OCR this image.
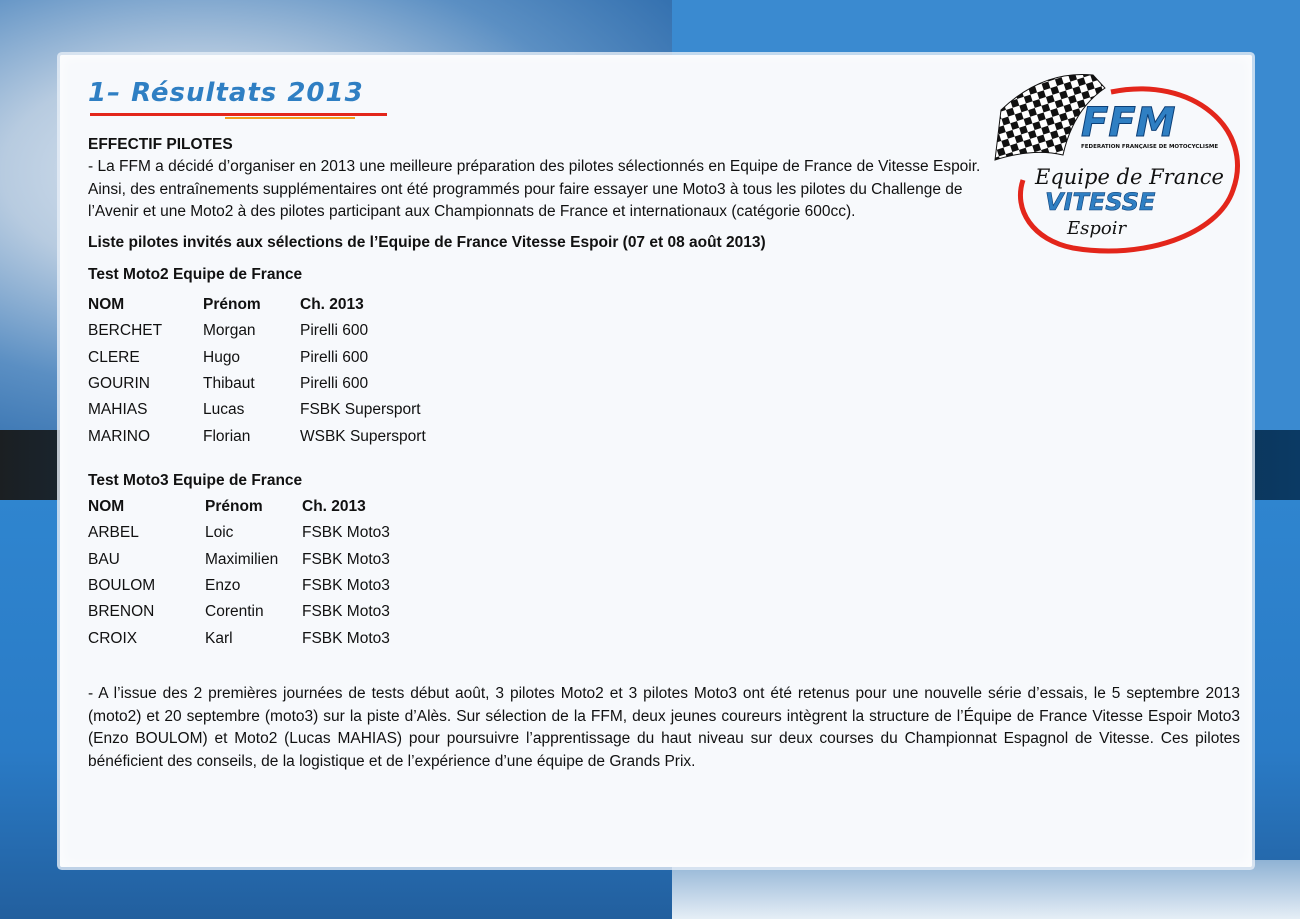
1– Résultats 2013
EFFECTIF PILOTES
- La FFM a décidé d’organiser en 2013 une meilleure préparation des pilotes sélectionnés en Equipe de France de Vitesse Espoir. Ainsi, des entraînements supplémentaires ont été programmés pour faire essayer une Moto3 à tous les pilotes du Challenge de l’Avenir et une Moto2 à des pilotes participant aux Championnats de France et internationaux (catégorie 600cc).
Liste pilotes invités aux sélections de l’Equipe de France Vitesse Espoir (07 et 08 août 2013)
Test Moto2 Equipe de France
NOM	Prénom	Ch. 2013
BERCHET	Morgan	Pirelli 600
CLERE	Hugo	Pirelli 600
GOURIN	Thibaut	Pirelli 600
MAHIAS	Lucas	FSBK Supersport
MARINO	Florian	WSBK Supersport
Test Moto3 Equipe de France
NOM	Prénom	Ch. 2013
ARBEL	Loic	FSBK Moto3
BAU	Maximilien	FSBK Moto3
BOULOM	Enzo	FSBK Moto3
BRENON	Corentin	FSBK Moto3
CROIX	Karl	FSBK Moto3
- A l’issue des 2 premières journées de tests début août, 3 pilotes Moto2 et 3 pilotes Moto3 ont été retenus pour une nouvelle série d’essais, le 5 septembre 2013 (moto2) et 20 septembre (moto3) sur la piste d’Alès. Sur sélection de la FFM, deux jeunes coureurs intègrent la structure de l’Équipe de France Vitesse Espoir Moto3 (Enzo BOULOM) et Moto2 (Lucas MAHIAS) pour poursuivre l’apprentissage du haut niveau sur deux courses du Championnat Espagnol de Vitesse. Ces pilotes bénéficient des conseils, de la logistique et de l’expérience d’une équipe de Grands Prix.
FFM
FEDERATION FRANÇAISE DE MOTOCYCLISME
Equipe de France
VITESSE
Espoir
